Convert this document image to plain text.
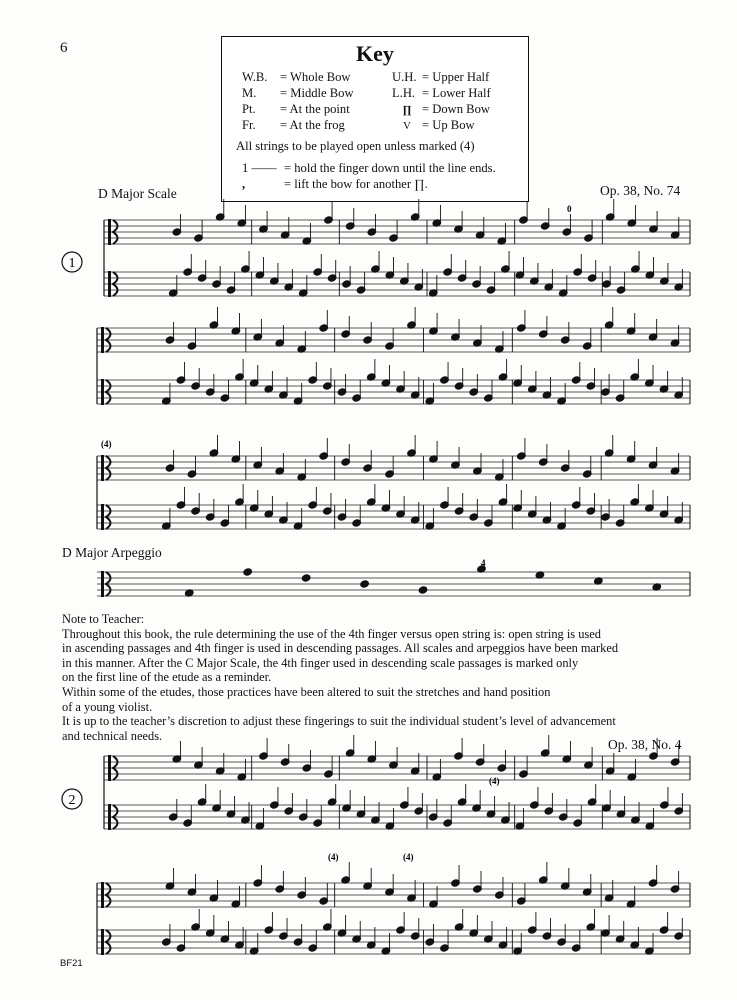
6	Key
W.B. = Whole Bow
M. = Middle Bow
Pt. = At the point
Fr. = At the frog
U.H. = Upper Half
L.H. = Lower Half
∏ = Down Bow
V = Up Bow
All strings to be played open unless marked (4)
1 —— = hold the finger down until the line ends.
,	= lift the bow for another ∏.
D Major Scale	Op. 38, No. 74
D Major Arpeggio

Note to Teacher:

Throughout this book, the rule determining the use of the 4th finger versus open string is: open string is used

in ascending passages and 4th finger is used in descending passages. All scales and arpeggios have been marked

in this manner. After the C Major Scale, the 4th finger used in descending scale passages is marked only

on the first line of the etude as a reminder.

Within some of the etudes, those practices have been altered to suit the stretches and hand position

of a young violist.

It is up to the teacher’s discretion to adjust these fingerings to suit the individual student’s level of advancement

and technical needs.

Op. 38, No. 4
BF21
1
2
(4)
(4)
(4)	(4)
0
4
